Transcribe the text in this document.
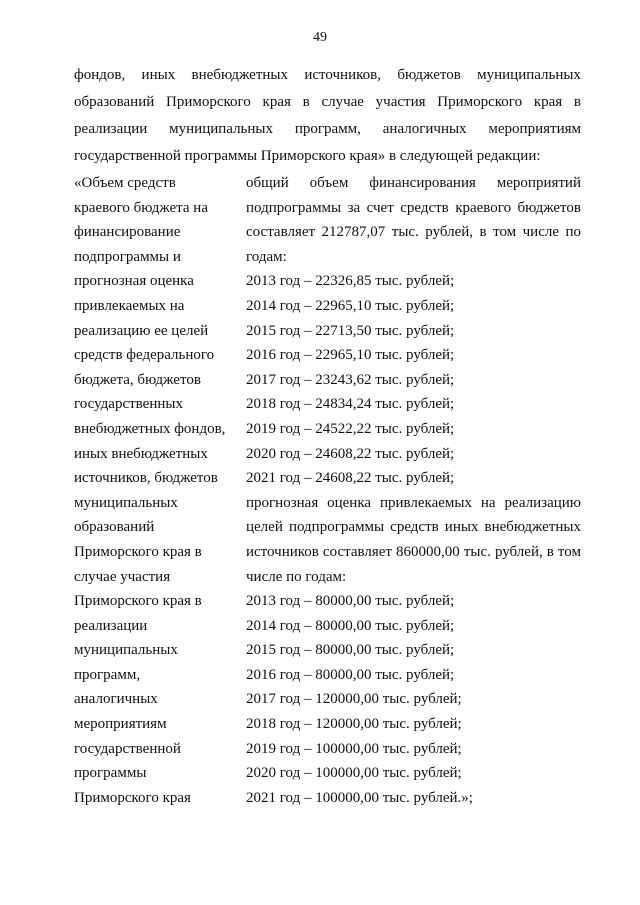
49
фондов, иных внебюджетных источников, бюджетов муниципальных
образований Приморского края в случае участия Приморского края в
реализации муниципальных программ, аналогичных мероприятиям
государственной программы Приморского края» в следующей редакции:
«Объем средств
краевого бюджета на
финансирование
подпрограммы и
прогнозная оценка
привлекаемых на
реализацию ее целей
средств федерального
бюджета, бюджетов
государственных
внебюджетных фондов,
иных внебюджетных
источников, бюджетов
муниципальных
образований
Приморского края в
случае участия
Приморского края в
реализации
муниципальных
программ,
аналогичных
мероприятиям
государственной
программы
Приморского края
общий объем финансирования мероприятий
подпрограммы за счет средств краевого бюджетов
составляет 212787,07 тыс. рублей, в том числе по
годам:
2013 год – 22326,85 тыс. рублей;
2014 год – 22965,10 тыс. рублей;
2015 год – 22713,50 тыс. рублей;
2016 год – 22965,10 тыс. рублей;
2017 год – 23243,62 тыс. рублей;
2018 год – 24834,24 тыс. рублей;
2019 год – 24522,22 тыс. рублей;
2020 год – 24608,22 тыс. рублей;
2021 год – 24608,22 тыс. рублей;
прогнозная оценка привлекаемых на реализацию
целей подпрограммы средств иных внебюджетных
источников составляет 860000,00 тыс. рублей, в том
числе по годам:
2013 год – 80000,00 тыс. рублей;
2014 год – 80000,00 тыс. рублей;
2015 год – 80000,00 тыс. рублей;
2016 год – 80000,00 тыс. рублей;
2017 год – 120000,00 тыс. рублей;
2018 год – 120000,00 тыс. рублей;
2019 год – 100000,00 тыс. рублей;
2020 год – 100000,00 тыс. рублей;
2021 год – 100000,00 тыс. рублей.»;
